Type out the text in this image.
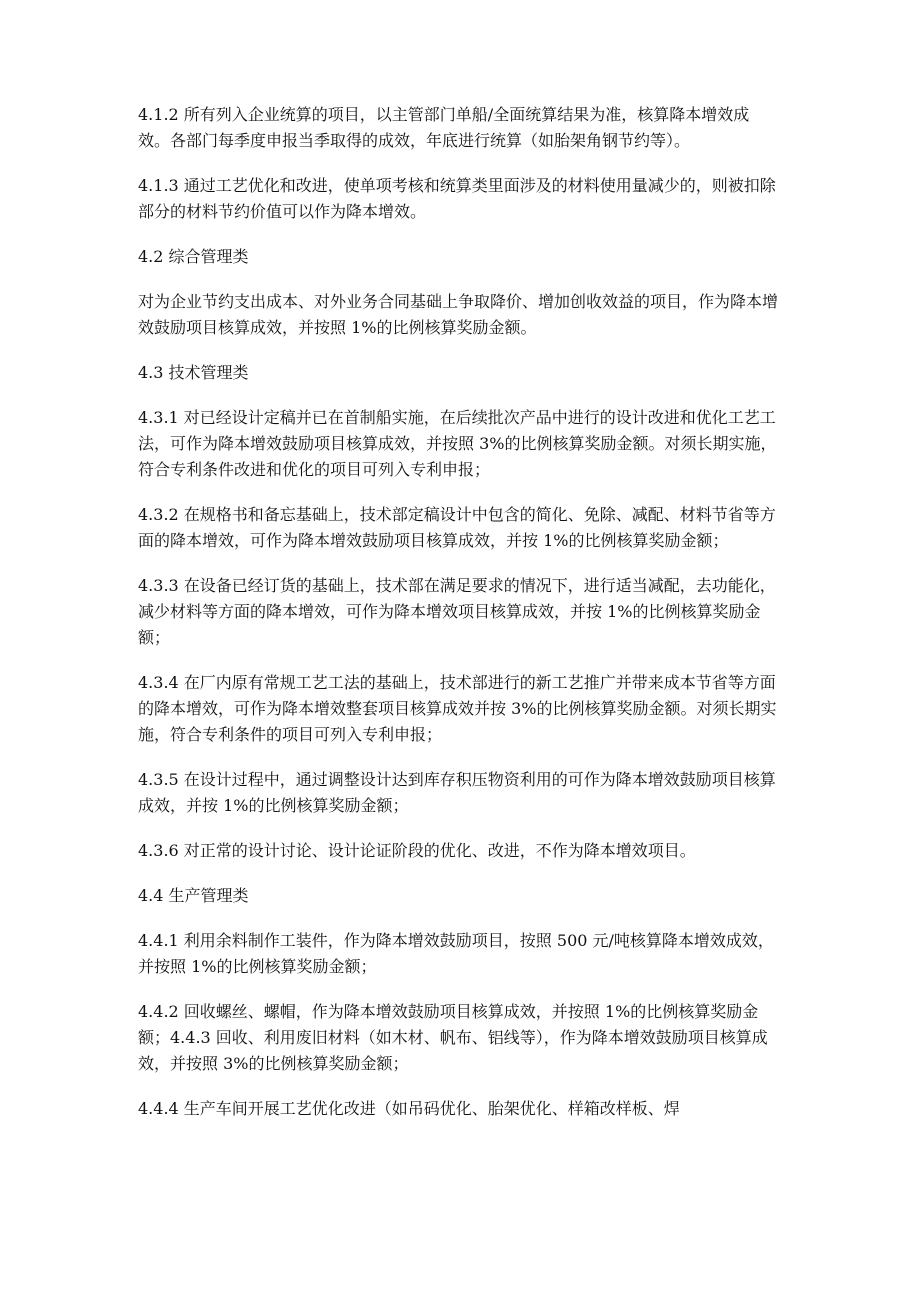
4.1.2 所有列入企业统算的项目，以主管部门单船/全面统算结果为准，核算降本增效成效。各部门每季度申报当季取得的成效，年底进行统算（如胎架角钢节约等）。

4.1.3 通过工艺优化和改进，使单项考核和统算类里面涉及的材料使用量减少的，则被扣除部分的材料节约价值可以作为降本增效。

4.2 综合管理类

对为企业节约支出成本、对外业务合同基础上争取降价、增加创收效益的项目，作为降本增效鼓励项目核算成效，并按照 1%的比例核算奖励金额。

4.3 技术管理类

4.3.1 对已经设计定稿并已在首制船实施，在后续批次产品中进行的设计改进和优化工艺工法，可作为降本增效鼓励项目核算成效，并按照 3%的比例核算奖励金额。对须长期实施，符合专利条件改进和优化的项目可列入专利申报；

4.3.2 在规格书和备忘基础上，技术部定稿设计中包含的简化、免除、减配、材料节省等方面的降本增效，可作为降本增效鼓励项目核算成效，并按 1%的比例核算奖励金额；

4.3.3 在设备已经订货的基础上，技术部在满足要求的情况下，进行适当减配，去功能化，减少材料等方面的降本增效，可作为降本增效项目核算成效，并按 1%的比例核算奖励金额；

4.3.4 在厂内原有常规工艺工法的基础上，技术部进行的新工艺推广并带来成本节省等方面的降本增效，可作为降本增效整套项目核算成效并按 3%的比例核算奖励金额。对须长期实施，符合专利条件的项目可列入专利申报；

4.3.5 在设计过程中，通过调整设计达到库存积压物资利用的可作为降本增效鼓励项目核算成效，并按 1%的比例核算奖励金额；

4.3.6 对正常的设计讨论、设计论证阶段的优化、改进，不作为降本增效项目。

4.4 生产管理类

4.4.1 利用余料制作工装件，作为降本增效鼓励项目，按照 500 元/吨核算降本增效成效，并按照 1%的比例核算奖励金额；

4.4.2 回收螺丝、螺帽，作为降本增效鼓励项目核算成效，并按照 1%的比例核算奖励金额；4.4.3 回收、利用废旧材料（如木材、帆布、铝线等），作为降本增效鼓励项目核算成效，并按照 3%的比例核算奖励金额；

4.4.4 生产车间开展工艺优化改进（如吊码优化、胎架优化、样箱改样板、焊
